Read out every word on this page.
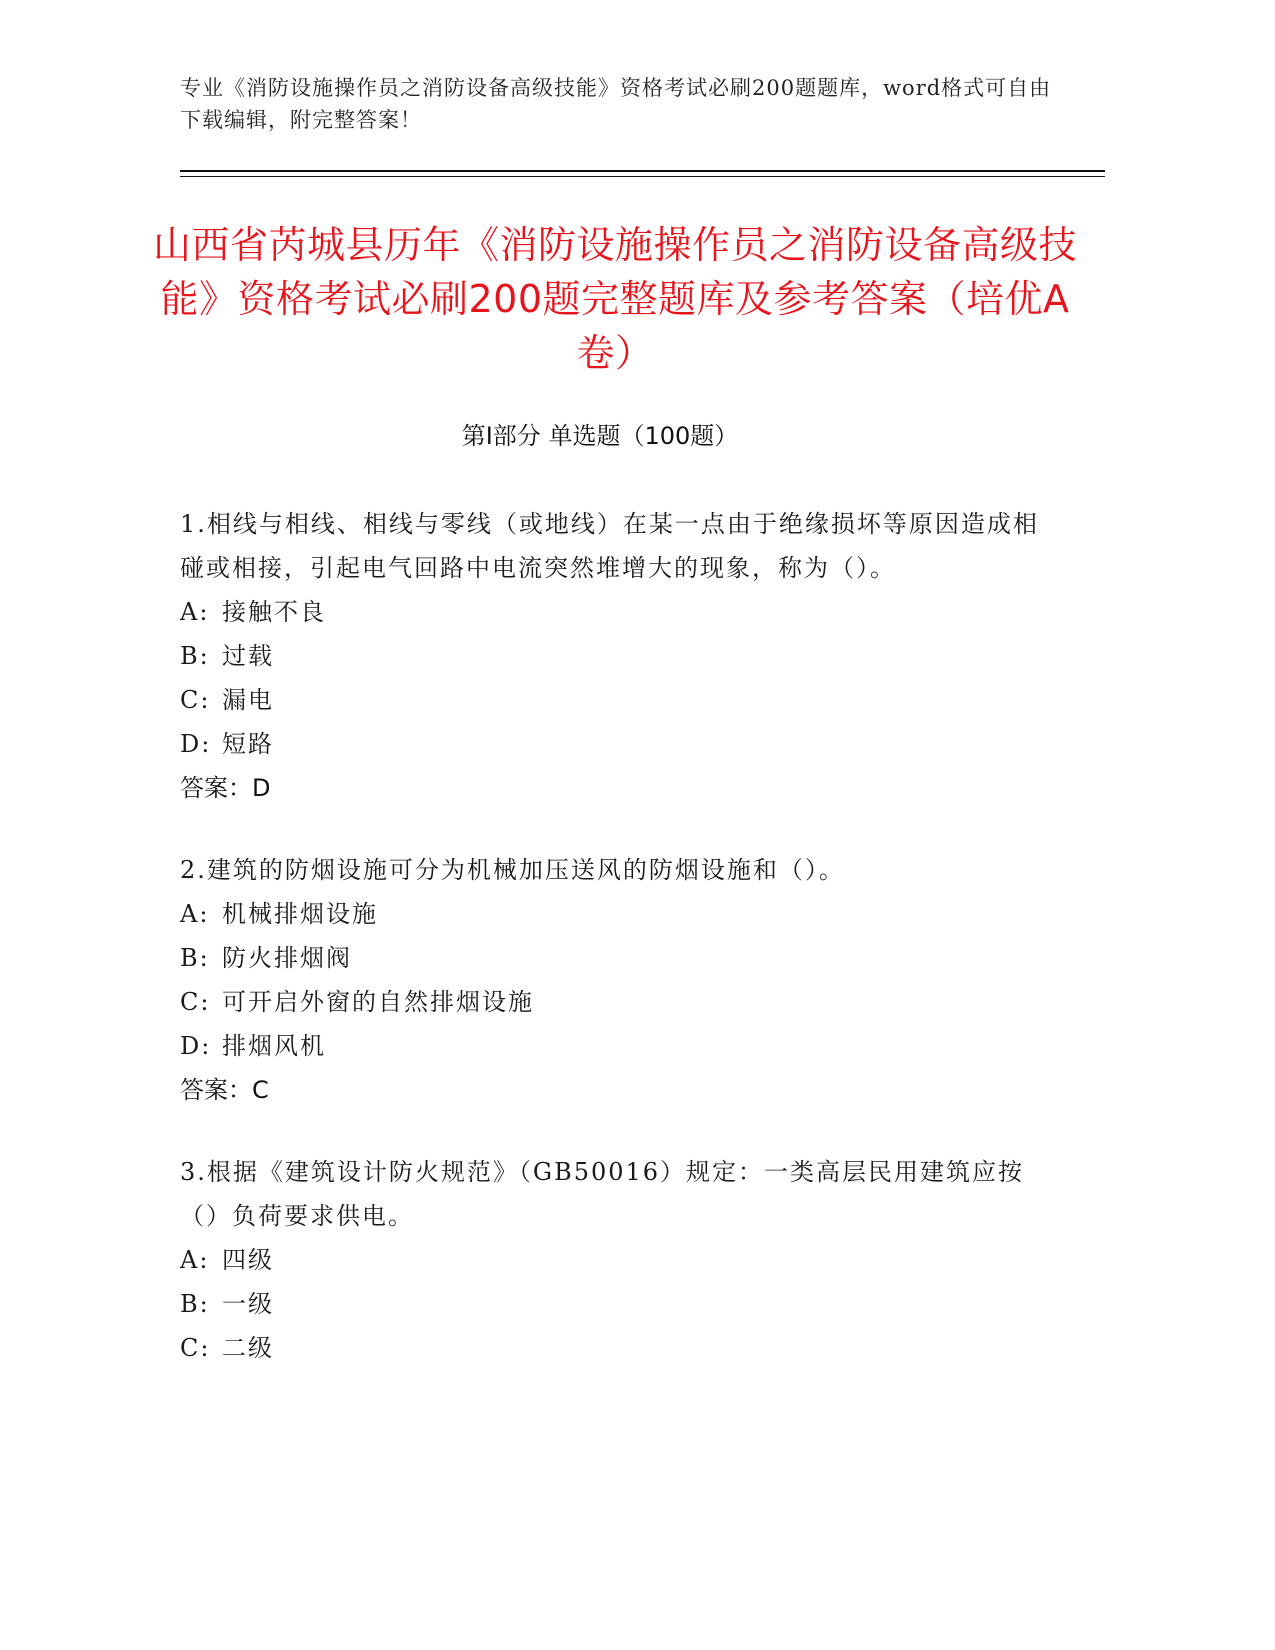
专业《消防设施操作员之消防设备高级技能》资格考试必刷200题题库，word格式可自由下载编辑，附完整答案！
山西省芮城县历年《消防设施操作员之消防设备高级技能》资格考试必刷200题完整题库及参考答案（培优A卷）
第Ⅰ部分 单选题（100题）
1.相线与相线、相线与零线（或地线）在某一点由于绝缘损坏等原因造成相碰或相接，引起电气回路中电流突然堆增大的现象，称为（）。
A: 接触不良
B: 过载
C: 漏电
D: 短路
答案：D
2.建筑的防烟设施可分为机械加压送风的防烟设施和（）。
A: 机械排烟设施
B: 防火排烟阀
C: 可开启外窗的自然排烟设施
D: 排烟风机
答案：C
3.根据《建筑设计防火规范》（GB50016）规定：一类高层民用建筑应按（）负荷要求供电。
A: 四级
B: 一级
C: 二级
